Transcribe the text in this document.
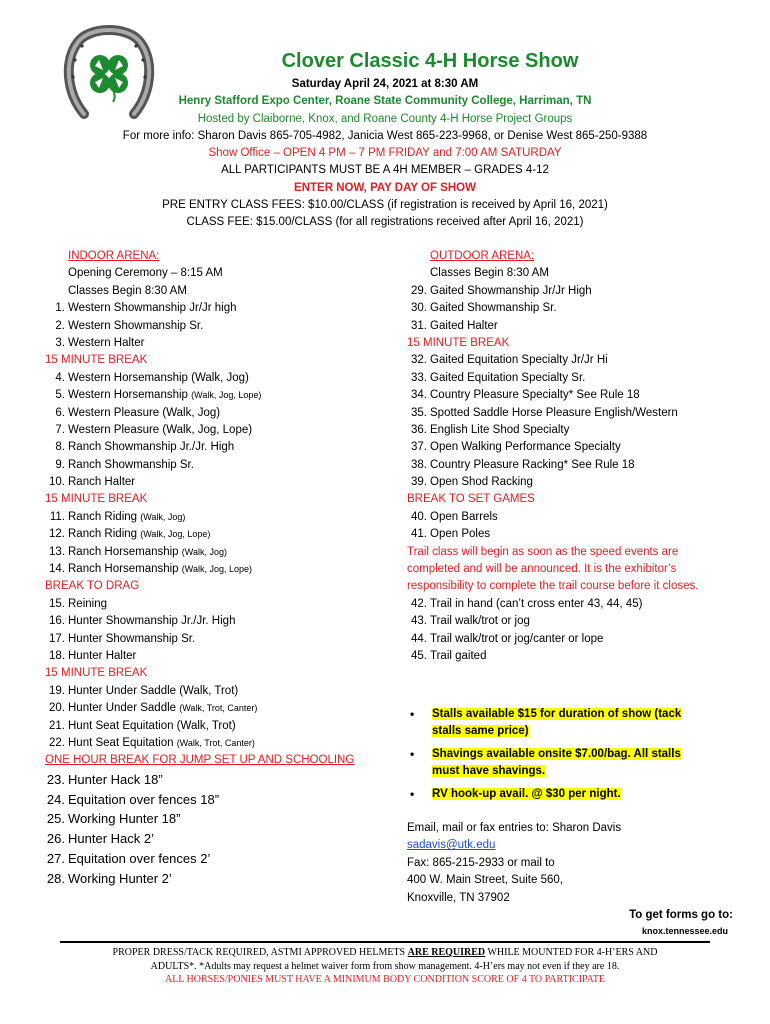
Clover Classic 4-H Horse Show
Saturday April 24, 2021 at 8:30 AM
Henry Stafford Expo Center, Roane State Community College, Harriman, TN
Hosted by Claiborne, Knox, and Roane County 4-H Horse Project Groups
For more info: Sharon Davis 865-705-4982, Janicia West 865-223-9968, or Denise West 865-250-9388
Show Office – OPEN 4 PM – 7 PM FRIDAY and 7:00 AM SATURDAY
ALL PARTICIPANTS MUST BE A 4H MEMBER – GRADES 4-12
ENTER NOW, PAY DAY OF SHOW
PRE ENTRY CLASS FEES: $10.00/CLASS (if registration is received by April 16, 2021)
CLASS FEE: $15.00/CLASS (for all registrations received after April 16, 2021)
INDOOR ARENA:
Opening Ceremony – 8:15 AM
Classes Begin 8:30 AM
1. Western Showmanship Jr/Jr high
2. Western Showmanship Sr.
3. Western Halter
15 MINUTE BREAK
4. Western Horsemanship (Walk, Jog)
5. Western Horsemanship (Walk, Jog, Lope)
6. Western Pleasure (Walk, Jog)
7. Western Pleasure (Walk, Jog, Lope)
8. Ranch Showmanship Jr./Jr. High
9. Ranch Showmanship Sr.
10. Ranch Halter
15 MINUTE BREAK
11. Ranch Riding (Walk, Jog)
12. Ranch Riding (Walk, Jog, Lope)
13. Ranch Horsemanship (Walk, Jog)
14. Ranch Horsemanship (Walk, Jog, Lope)
BREAK TO DRAG
15. Reining
16. Hunter Showmanship Jr./Jr. High
17. Hunter Showmanship Sr.
18. Hunter Halter
15 MINUTE BREAK
19. Hunter Under Saddle (Walk, Trot)
20. Hunter Under Saddle (Walk, Trot, Canter)
21. Hunt Seat Equitation (Walk, Trot)
22. Hunt Seat Equitation (Walk, Trot, Canter)
ONE HOUR BREAK FOR JUMP SET UP AND SCHOOLING
23. Hunter Hack 18”
24. Equitation over fences 18”
25. Working Hunter 18”
26. Hunter Hack 2’
27. Equitation over fences 2’
28. Working Hunter 2’
OUTDOOR ARENA:
Classes Begin 8:30 AM
29. Gaited Showmanship Jr/Jr High
30. Gaited Showmanship Sr.
31. Gaited Halter
15 MINUTE BREAK
32. Gaited Equitation Specialty Jr/Jr Hi
33. Gaited Equitation Specialty Sr.
34. Country Pleasure Specialty* See Rule 18
35. Spotted Saddle Horse Pleasure English/Western
36. English Lite Shod Specialty
37. Open Walking Performance Specialty
38. Country Pleasure Racking* See Rule 18
39. Open Shod Racking
BREAK TO SET GAMES
40. Open Barrels
41. Open Poles
Trail class will begin as soon as the speed events are completed and will be announced. It is the exhibitor’s responsibility to complete the trail course before it closes.
42. Trail in hand (can’t cross enter 43, 44, 45)
43. Trail walk/trot or jog
44. Trail walk/trot or jog/canter or lope
45. Trail gaited
• Stalls available $15 for duration of show (tack stalls same price)
• Shavings available onsite $7.00/bag. All stalls must have shavings.
• RV hook-up avail. @ $30 per night.
Email, mail or fax entries to: Sharon Davis
sadavis@utk.edu
Fax: 865-215-2933 or mail to
400 W. Main Street, Suite 560,
Knoxville, TN 37902
To get forms go to:
knox.tennessee.edu
PROPER DRESS/TACK REQUIRED, ASTMI APPROVED HELMETS ARE REQUIRED WHILE MOUNTED FOR 4-H’ERS AND
ADULTS*. *Adults may request a helmet waiver form from show management. 4-H’ers may not even if they are 18.
ALL HORSES/PONIES MUST HAVE A MINIMUM BODY CONDITION SCORE OF 4 TO PARTICIPATE
